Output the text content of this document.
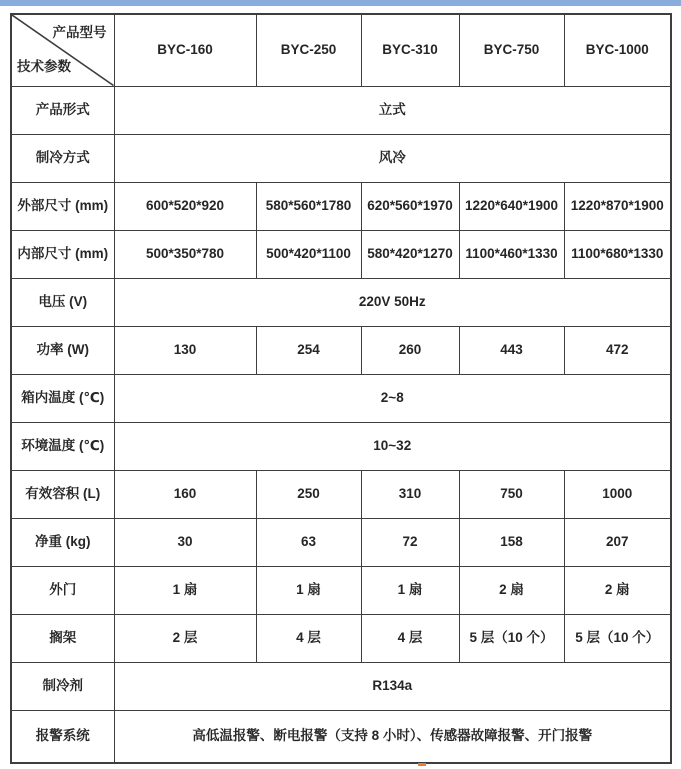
产品型号
技术参数	BYC-160	BYC-250	BYC-310	BYC-750	BYC-1000
产品形式	立式				
制冷方式	风冷				
外部尺寸 (mm)	600*520*920	580*560*1780	620*560*1970	1220*640*1900	1220*870*1900
内部尺寸 (mm)	500*350*780	500*420*1100	580*420*1270	1100*460*1330	1100*680*1330
电压 (V)	220V 50Hz				
功率 (W)	130	254	260	443	472
箱内温度 (℃)	2~8				
环境温度 (℃)	10~32				
有效容积 (L)	160	250	310	750	1000
净重 (kg)	30	63	72	158	207
外门	1 扇	1 扇	1 扇	2 扇	2 扇
搁架	2 层	4 层	4 层	5 层（10 个）	5 层（10 个）
制冷剂	R134a				
报警系统	高低温报警、断电报警（支持 8 小时）、传感器故障报警、开门报警				
